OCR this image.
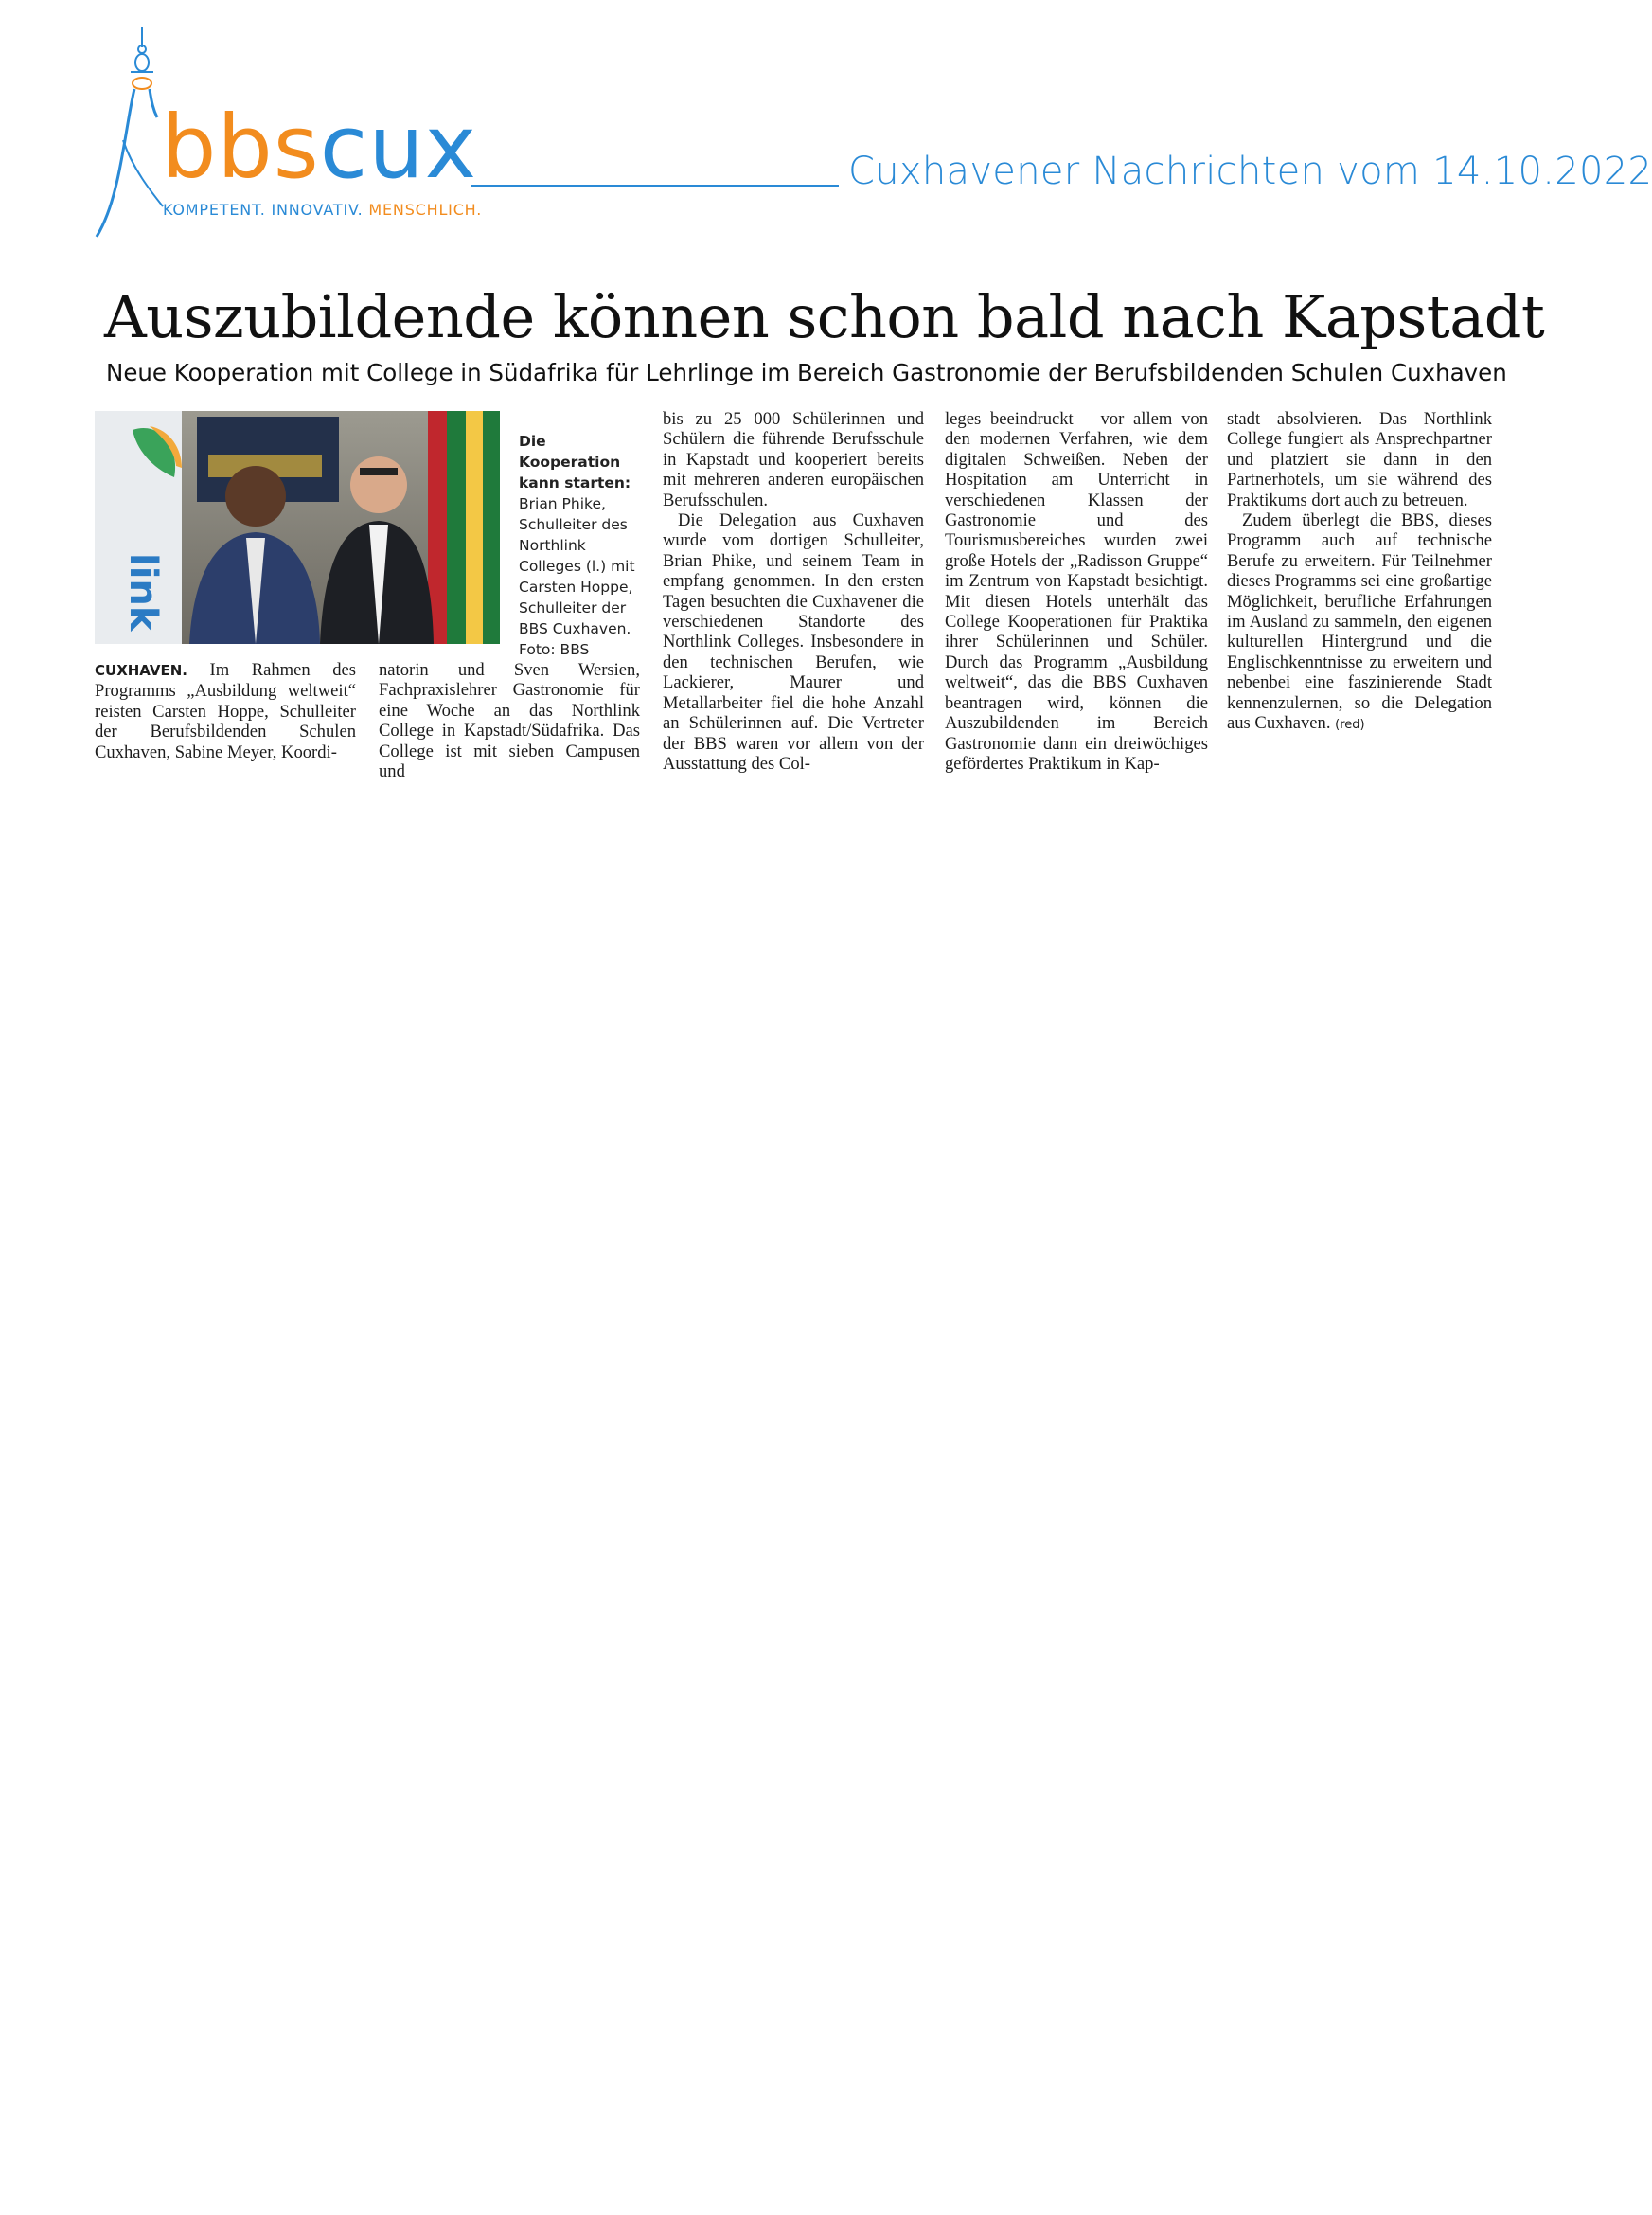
bbscux
KOMPETENT. INNOVATIV. MENSCHLICH.
Cuxhavener Nachrichten vom 14.10.2022
Auszubildende können schon bald nach Kapstadt
Neue Kooperation mit College in Südafrika für Lehrlinge im Bereich Gastronomie der Berufsbildenden Schulen Cuxhaven
link
Die Kooperation kann starten: Brian Phike, Schulleiter des Northlink Colleges (l.) mit Carsten Hoppe, Schulleiter der BBS Cuxhaven.
Foto: BBS

CUXHAVEN. Im Rahmen des Programms „Ausbildung weltweit“ reisten Carsten Hoppe, Schulleiter der Berufsbildenden Schulen Cuxhaven, Sabine Meyer, Koordi-

natorin und Sven Wersien, Fachpraxislehrer Gastronomie für eine Woche an das Northlink College in Kapstadt/Südafrika. Das College ist mit sieben Campusen und

bis zu 25 000 Schülerinnen und Schülern die führende Berufsschule in Kapstadt und kooperiert bereits mit mehreren anderen europäischen Berufsschulen.

Die Delegation aus Cuxhaven wurde vom dortigen Schulleiter, Brian Phike, und seinem Team in empfang genommen. In den ersten Tagen besuchten die Cuxhavener die verschiedenen Standorte des Northlink Colleges. Insbesondere in den technischen Berufen, wie Lackierer, Maurer und Metallarbeiter fiel die hohe Anzahl an Schülerinnen auf. Die Vertreter der BBS waren vor allem von der Ausstattung des Col-

leges beeindruckt – vor allem von den modernen Verfahren, wie dem digitalen Schweißen. Neben der Hospitation am Unterricht in verschiedenen Klassen der Gastronomie und des Tourismusbereiches wurden zwei große Hotels der „Radisson Gruppe“ im Zentrum von Kapstadt besichtigt. Mit diesen Hotels unterhält das College Kooperationen für Praktika ihrer Schülerinnen und Schüler. Durch das Programm „Ausbildung weltweit“, das die BBS Cuxhaven beantragen wird, können die Auszubildenden im Bereich Gastronomie dann ein dreiwöchiges gefördertes Praktikum in Kap-

stadt absolvieren. Das Northlink College fungiert als Ansprechpartner und platziert sie dann in den Partnerhotels, um sie während des Praktikums dort auch zu betreuen.

Zudem überlegt die BBS, dieses Programm auch auf technische Berufe zu erweitern. Für Teilnehmer dieses Programms sei eine großartige Möglichkeit, berufliche Erfahrungen im Ausland zu sammeln, den eigenen kulturellen Hintergrund und die Englischkenntnisse zu erweitern und nebenbei eine faszinierende Stadt kennenzulernen, so die Delegation aus Cuxhaven. (red)
